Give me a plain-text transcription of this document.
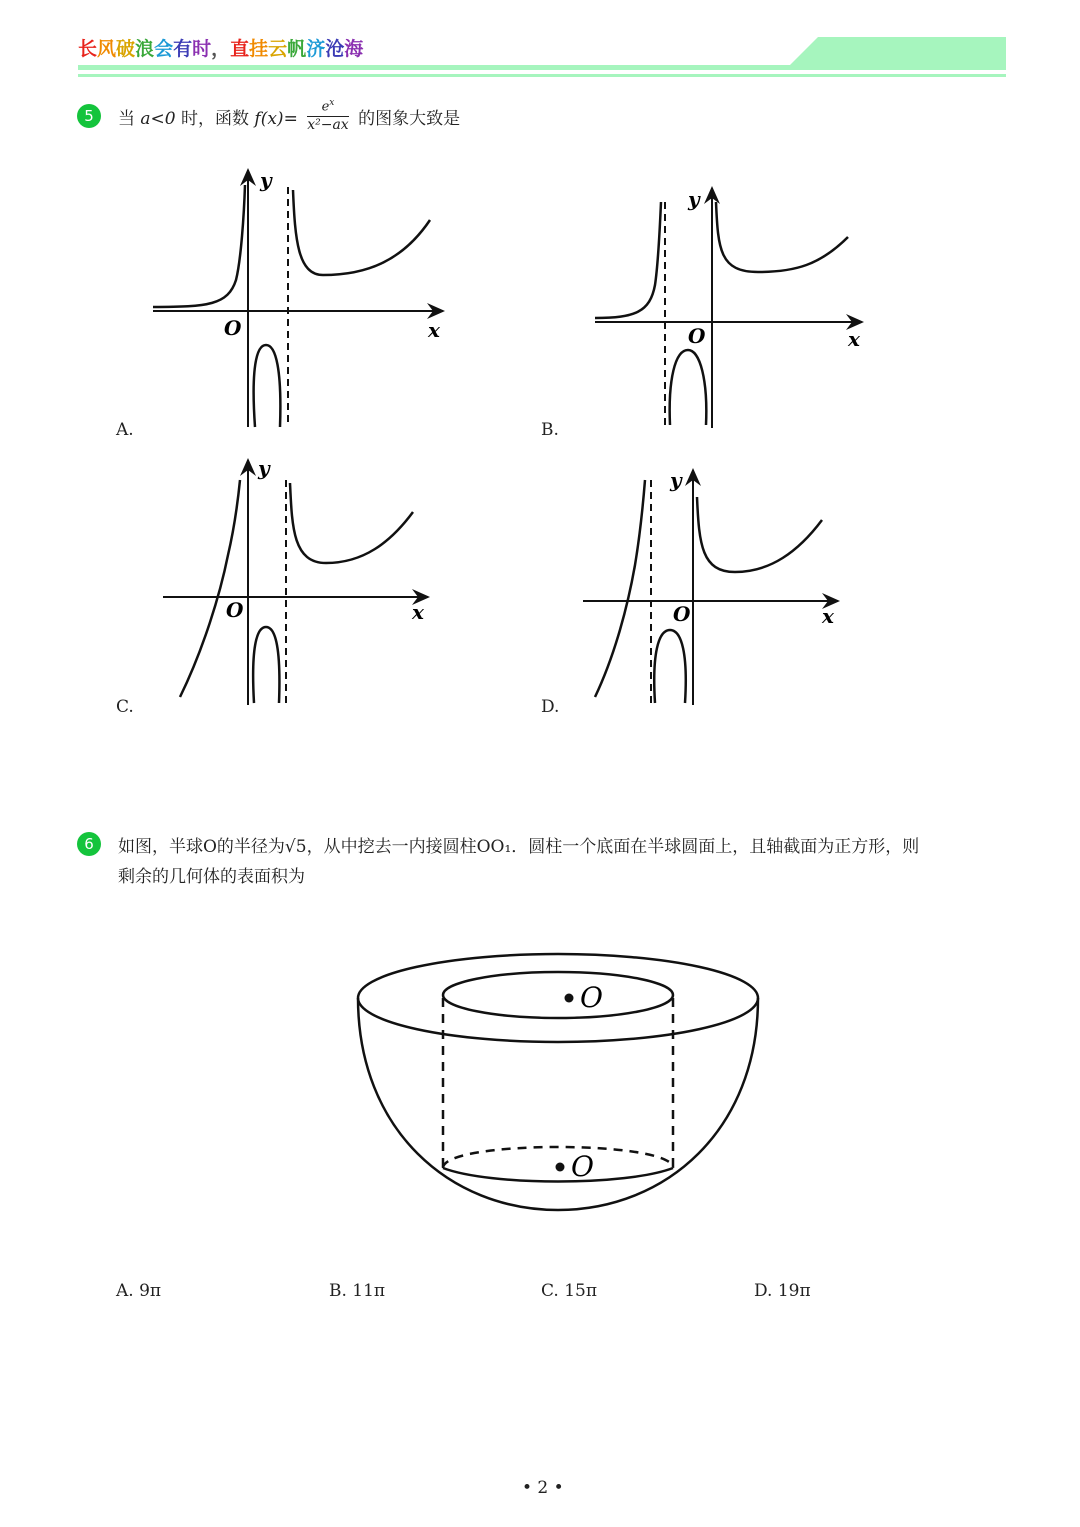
长风破浪会有时，直挂云帆济沧海
5	当 a<0 时，函数 $f(x)= \frac{e^x}{\text{x²−ax}}$ 的图象大致是
y
x
O
A.
y
x
O
B.
y
x
O
C.
y
x
O
D.
6	如图，半球O的半径为√5，从中挖去一内接圆柱OO₁．圆柱一个底面在半球圆面上，且轴截面为正方形，则
剩余的几何体的表面积为
O
O
A. 9π	B. 11π	C. 15π	D. 19π
• 2 •
